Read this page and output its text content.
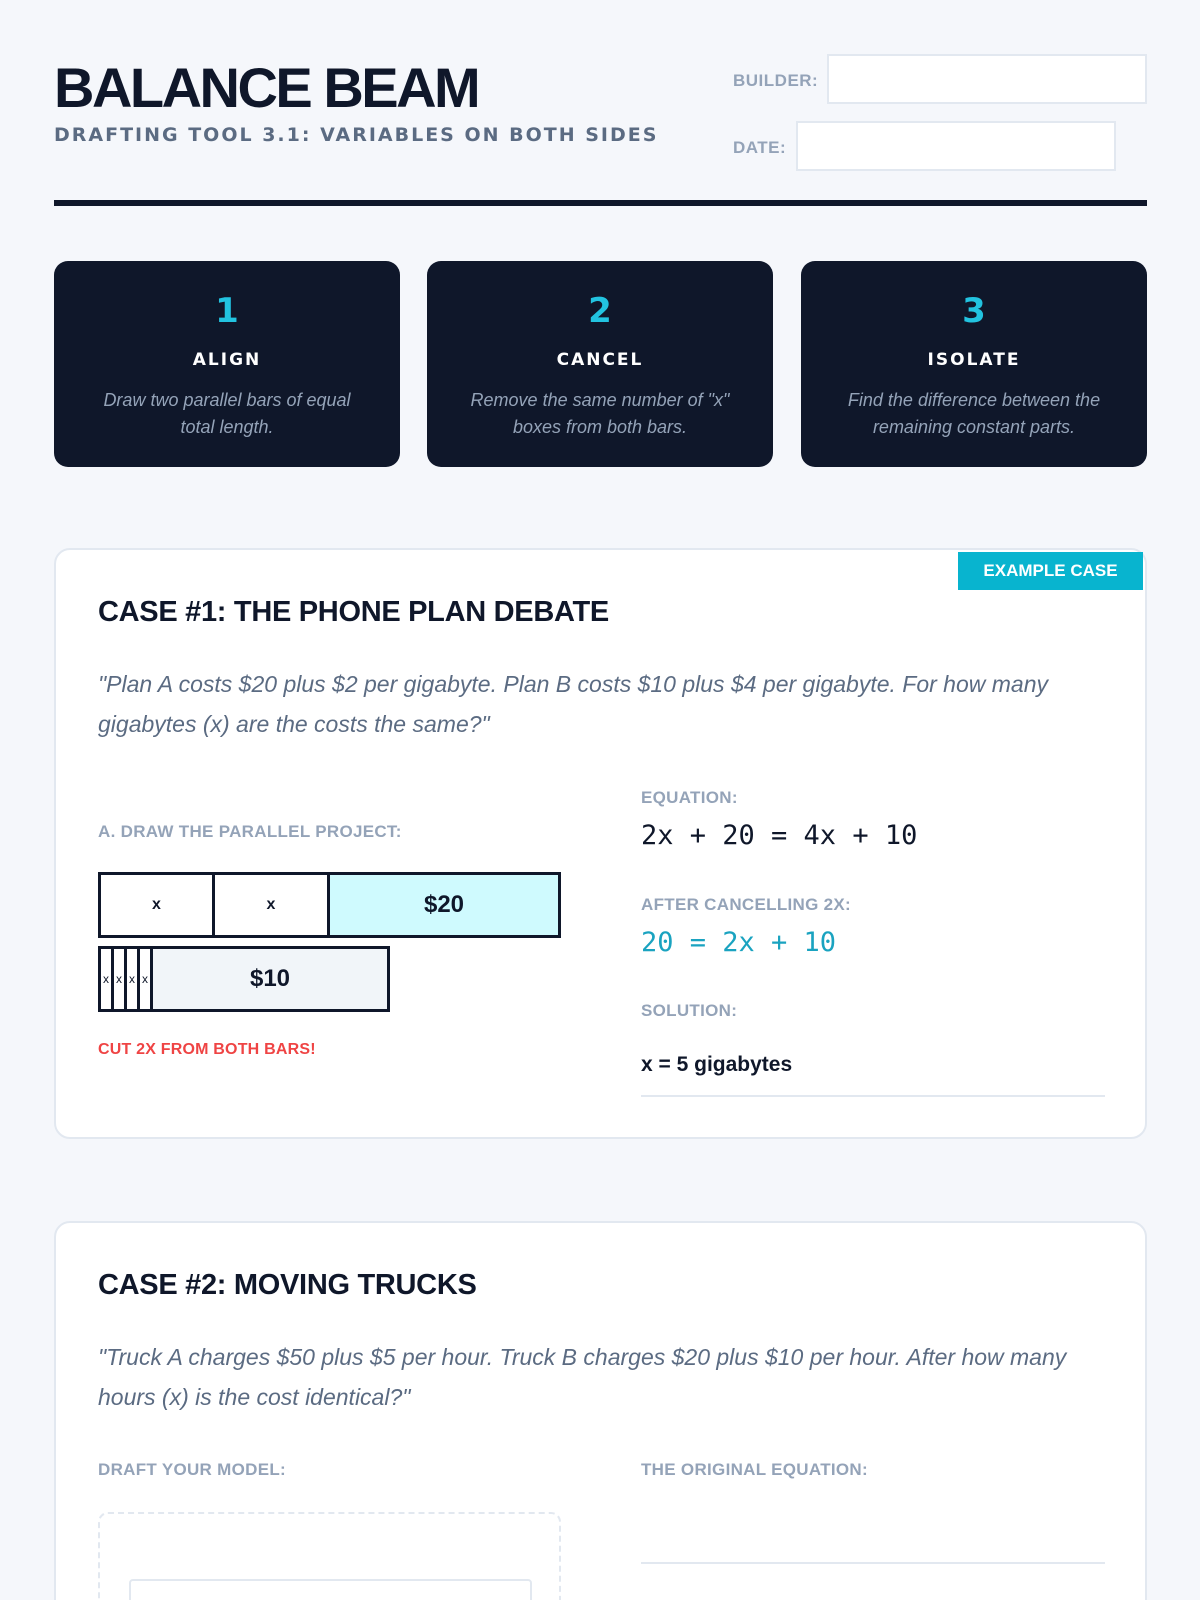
BALANCE BEAM
DRAFTING TOOL 3.1: VARIABLES ON BOTH SIDES
BUILDER:
DATE:
1
ALIGN
Draw two parallel bars of equal total length.
2
CANCEL
Remove the same number of "x" boxes from both bars.
3
ISOLATE
Find the difference between the remaining constant parts.
EXAMPLE CASE
CASE #1: THE PHONE PLAN DEBATE
"Plan A costs $20 plus $2 per gigabyte. Plan B costs $10 plus $4 per gigabyte. For how many gigabytes (x) are the costs the same?"
A. DRAW THE PARALLEL PROJECT:
x	x	$20
x x x x	$10
CUT 2X FROM BOTH BARS!
EQUATION:
2x + 20 = 4x + 10
AFTER CANCELLING 2X:
20 = 2x + 10
SOLUTION:
x = 5 gigabytes
CASE #2: MOVING TRUCKS
"Truck A charges $50 plus $5 per hour. Truck B charges $20 plus $10 per hour. After how many hours (x) is the cost identical?"
DRAFT YOUR MODEL:	THE ORIGINAL EQUATION:
